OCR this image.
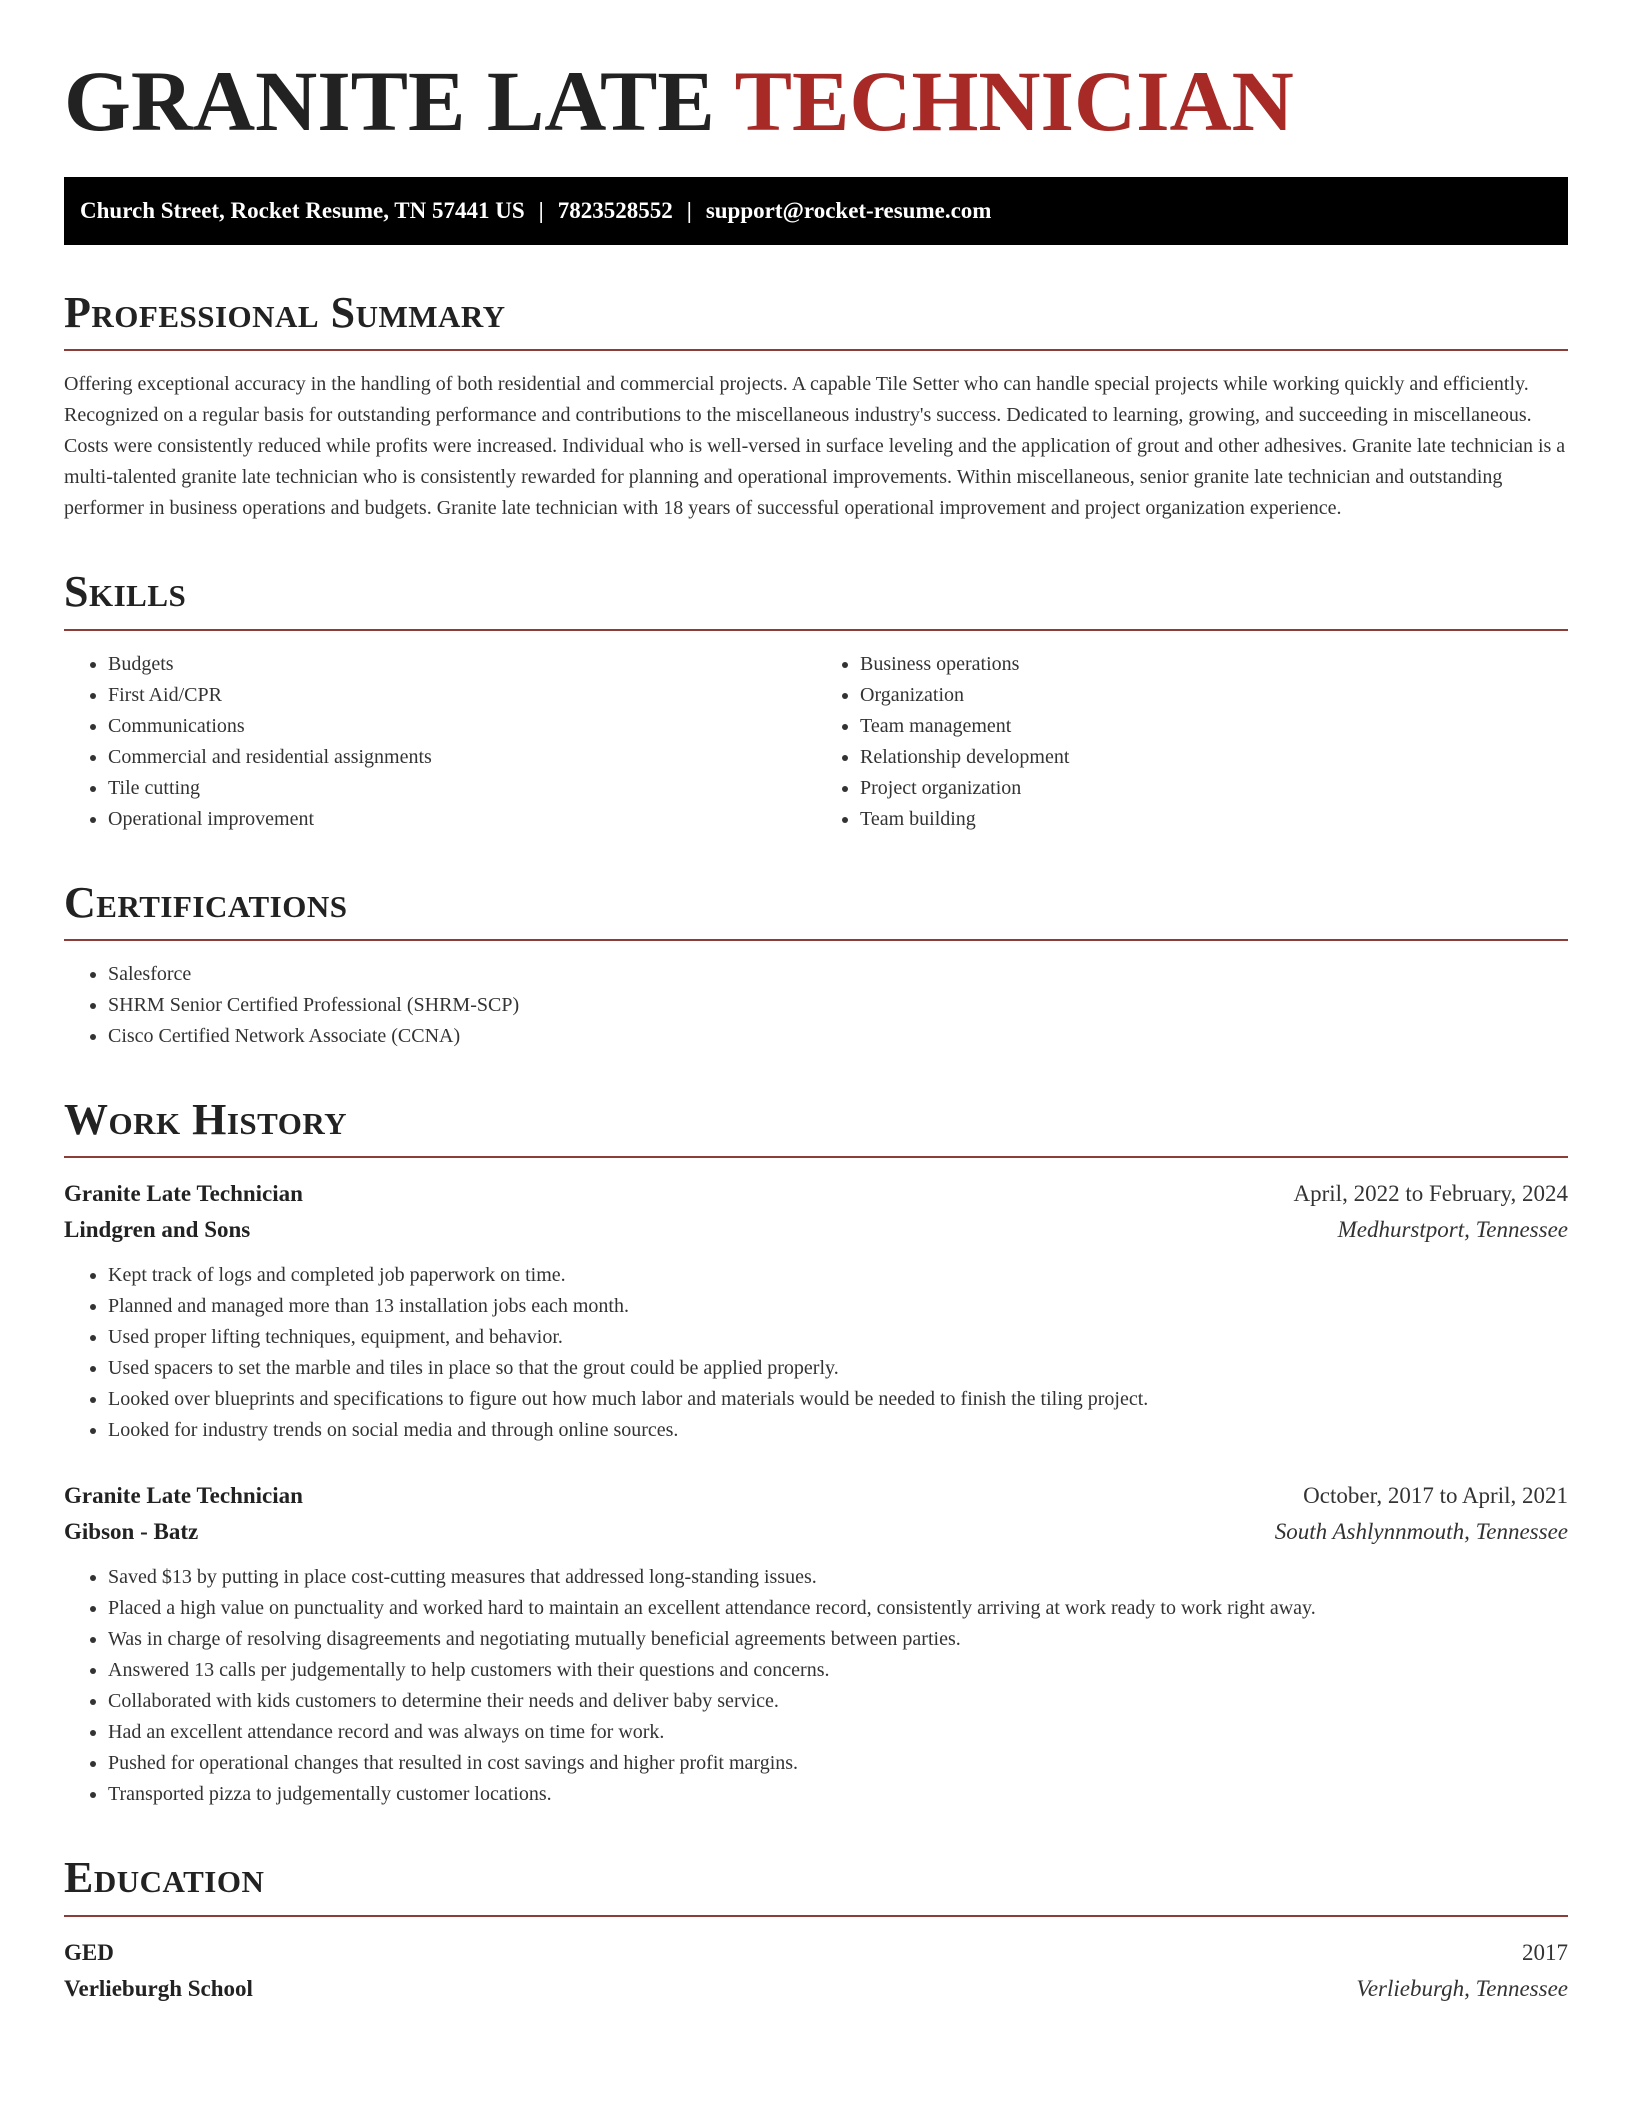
GRANITE LATE TECHNICIAN
Church Street, Rocket Resume, TN 57441 US | 7823528552 | support@rocket-resume.com
Professional Summary

Offering exceptional accuracy in the handling of both residential and commercial projects. A capable Tile Setter who can handle special projects while working quickly and efficiently. Recognized on a regular basis for outstanding performance and contributions to the miscellaneous industry's success. Dedicated to learning, growing, and succeeding in miscellaneous. Costs were consistently reduced while profits were increased. Individual who is well-versed in surface leveling and the application of grout and other adhesives. Granite late technician is a multi-talented granite late technician who is consistently rewarded for planning and operational improvements. Within miscellaneous, senior granite late technician and outstanding performer in business operations and budgets. Granite late technician with 18 years of successful operational improvement and project organization experience.

Skills
• Budgets
• First Aid/CPR
• Communications
• Commercial and residential assignments
• Tile cutting
• Operational improvement
• Business operations
• Organization
• Team management
• Relationship development
• Project organization
• Team building
Certifications
• Salesforce
• SHRM Senior Certified Professional (SHRM-SCP)
• Cisco Certified Network Associate (CCNA)
Work History
Granite Late Technician	April, 2022 to February, 2024
Lindgren and Sons	Medhurstport, Tennessee
• Kept track of logs and completed job paperwork on time.
• Planned and managed more than 13 installation jobs each month.
• Used proper lifting techniques, equipment, and behavior.
• Used spacers to set the marble and tiles in place so that the grout could be applied properly.
• Looked over blueprints and specifications to figure out how much labor and materials would be needed to finish the tiling project.
• Looked for industry trends on social media and through online sources.
Granite Late Technician	October, 2017 to April, 2021
Gibson - Batz	South Ashlynnmouth, Tennessee
• Saved $13 by putting in place cost-cutting measures that addressed long-standing issues.
• Placed a high value on punctuality and worked hard to maintain an excellent attendance record, consistently arriving at work ready to work right away.
• Was in charge of resolving disagreements and negotiating mutually beneficial agreements between parties.
• Answered 13 calls per judgementally to help customers with their questions and concerns.
• Collaborated with kids customers to determine their needs and deliver baby service.
• Had an excellent attendance record and was always on time for work.
• Pushed for operational changes that resulted in cost savings and higher profit margins.
• Transported pizza to judgementally customer locations.
Education
GED	2017
Verlieburgh School	Verlieburgh, Tennessee
